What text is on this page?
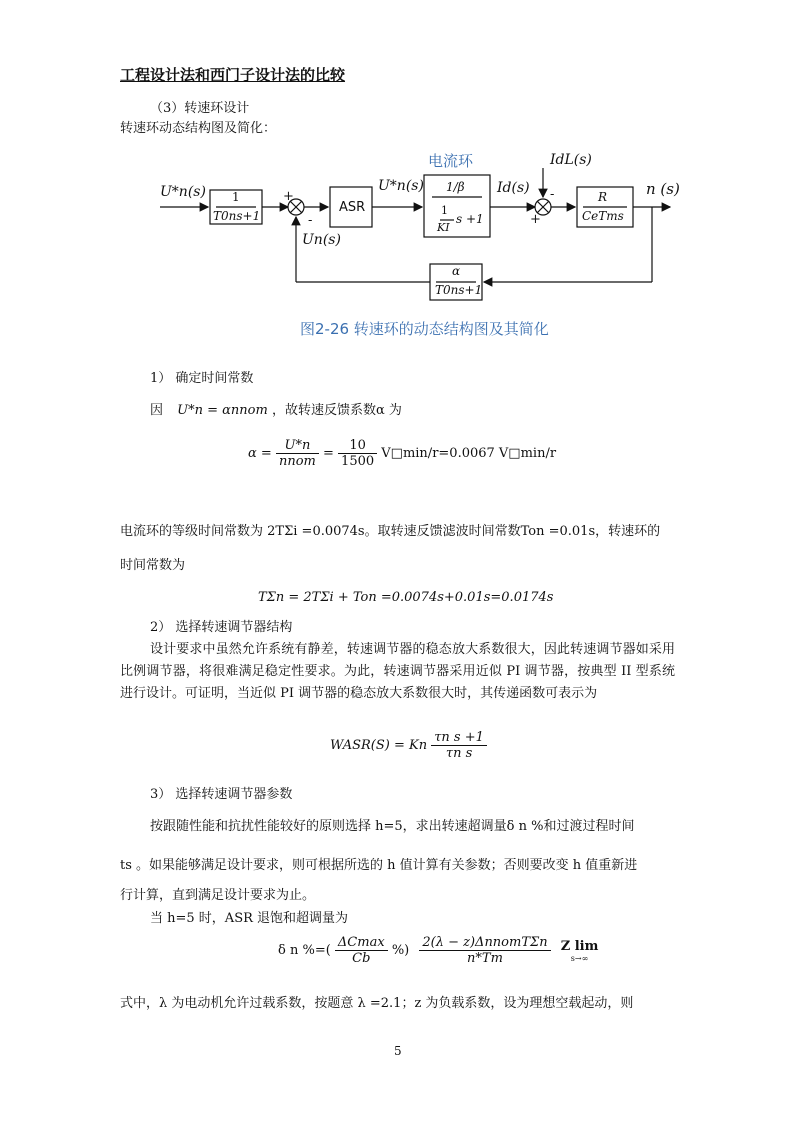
工程设计法和西门子设计法的比较
（3）转速环设计
转速环动态结构图及简化：
电流环
U*n(s) 1
T0ns+1
+
-
ASR
U*n(s) 1/β
1
KI
s +1
Id(s)
IdL(s)
-
+
R
CeTms
n (s)
Un(s)
α
T0ns+1
图2-26 转速环的动态结构图及其简化
1） 确定时间常数
因 U*n = αnnom ，故转速反馈系数α 为
$\alpha = \frac{U*n}{\text{nnom}} = \frac{10}{1500}$ V□min/r=0.0067 V□min/r
电流环的等级时间常数为 2TΣi =0.0074s。取转速反馈滤波时间常数Ton =0.01s，转速环的
时间常数为
TΣn = 2TΣi + Ton =0.0074s+0.01s=0.0174s
2） 选择转速调节器结构
设计要求中虽然允许系统有静差，转速调节器的稳态放大系数很大，因此转速调节器如采用比例调节器，将很难满足稳定性要求。为此，转速调节器采用近似 PI 调节器，按典型 II 型系统进行设计。可证明，当近似 PI 调节器的稳态放大系数很大时，其传递函数可表示为
WASR(S) = Kn $\frac{\text{τn s +1}}{\text{τn s}}$
3） 选择转速调节器参数
按跟随性能和抗扰性能较好的原则选择 h=5，求出转速超调量δ n %和过渡过程时间
ts 。如果能够满足设计要求，则可根据所选的 h 值计算有关参数；否则要改变 h 值重新进
行计算，直到满足设计要求为止。
当 h=5 时，ASR 退饱和超调量为
δ n %=( $\frac{\Delta Cmax}{Cb}$ %) $\frac{\text{2(λ − z)ΔnnomTΣn}}{n*Tm}$
Z lim
s→∞
式中，λ 为电动机允许过载系数，按题意 λ =2.1；z 为负载系数，设为理想空载起动，则
5
